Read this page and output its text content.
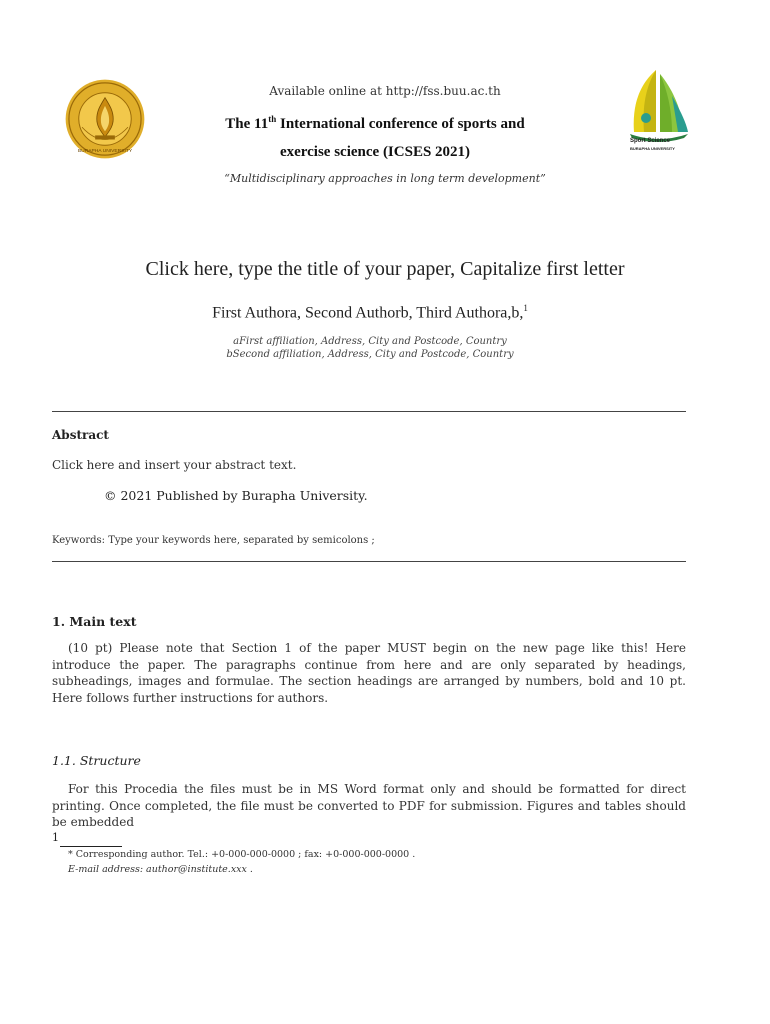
Available online at http://fss.buu.ac.th
The 11th International conference of sports and
exercise science (ICSES 2021)
“Multidisciplinary approaches in long term development”
BURAPHA UNIVERSITY
Sport Science
BURAPHA UNIVERSITY
Click here, type the title of your paper, Capitalize first letter
First Authora, Second Authorb, Third Authora,b,$^1$
aFirst affiliation, Address, City and Postcode, Country
bSecond affiliation, Address, City and Postcode, Country
Abstract
Click here and insert your abstract text.
© 2021 Published by Burapha University.
Keywords: Type your keywords here, separated by semicolons ;
1. Main text
(10 pt) Please note that Section 1 of the paper MUST begin on the new page like this! Here introduce the paper. The paragraphs continue from here and are only separated by headings, subheadings, images and formulae. The section headings are arranged by numbers, bold and 10 pt. Here follows further instructions for authors.
1.1. Structure
For this Procedia the files must be in MS Word format only and should be formatted for direct printing. Once completed, the file must be converted to PDF for submission. Figures and tables should be embedded
1
* Corresponding author. Tel.: +0-000-000-0000 ; fax: +0-000-000-0000 .
E-mail address: author@institute.xxx .
